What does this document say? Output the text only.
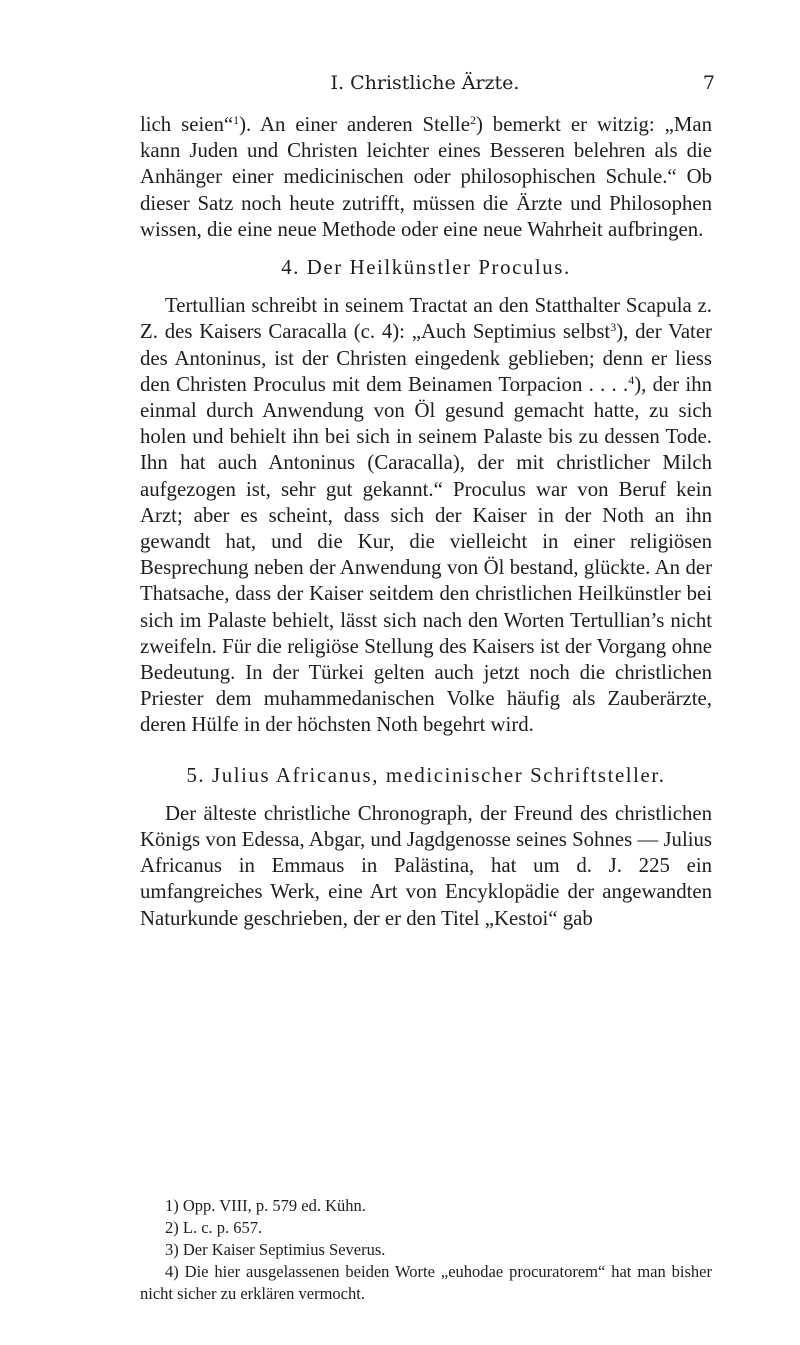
I. Christliche Ärzte.	7

lich seien“$^1$). An einer anderen Stelle$^2$) bemerkt er witzig: „Man kann Juden und Christen leichter eines Besseren belehren als die Anhänger einer medicinischen oder philosophischen Schule.“ Ob dieser Satz noch heute zutrifft, müssen die Ärzte und Philosophen wissen, die eine neue Methode oder eine neue Wahrheit aufbringen.

4. Der Heilkünstler Proculus.

Tertullian schreibt in seinem Tractat an den Statthalter Scapula z. Z. des Kaisers Caracalla (c. 4): „Auch Septimius selbst$^3$), der Vater des Antoninus, ist der Christen eingedenk geblieben; denn er liess den Christen Proculus mit dem Beinamen Torpacion . . . .$^4$), der ihn einmal durch Anwendung von Öl gesund gemacht hatte, zu sich holen und behielt ihn bei sich in seinem Palaste bis zu dessen Tode. Ihn hat auch Antoninus (Caracalla), der mit christlicher Milch aufgezogen ist, sehr gut gekannt.“ Proculus war von Beruf kein Arzt; aber es scheint, dass sich der Kaiser in der Noth an ihn gewandt hat, und die Kur, die vielleicht in einer religiösen Besprechung neben der Anwendung von Öl bestand, glückte. An der Thatsache, dass der Kaiser seitdem den christlichen Heilkünstler bei sich im Palaste behielt, lässt sich nach den Worten Tertullian’s nicht zweifeln. Für die religiöse Stellung des Kaisers ist der Vorgang ohne Bedeutung. In der Türkei gelten auch jetzt noch die christlichen Priester dem muhammedanischen Volke häufig als Zauberärzte, deren Hülfe in der höchsten Noth begehrt wird.

5. Julius Africanus, medicinischer Schriftsteller.

Der älteste christliche Chronograph, der Freund des christlichen Königs von Edessa, Abgar, und Jagdgenosse seines Sohnes — Julius Africanus in Emmaus in Palästina, hat um d. J. 225 ein umfangreiches Werk, eine Art von Encyklopädie der angewandten Naturkunde geschrieben, der er den Titel „Kestoi“ gab

1) Opp. VIII, p. 579 ed. Kühn.
2) L. c. p. 657.
3) Der Kaiser Septimius Severus.
4) Die hier ausgelassenen beiden Worte „euhodae procuratorem“ hat man bisher nicht sicher zu erklären vermocht.
